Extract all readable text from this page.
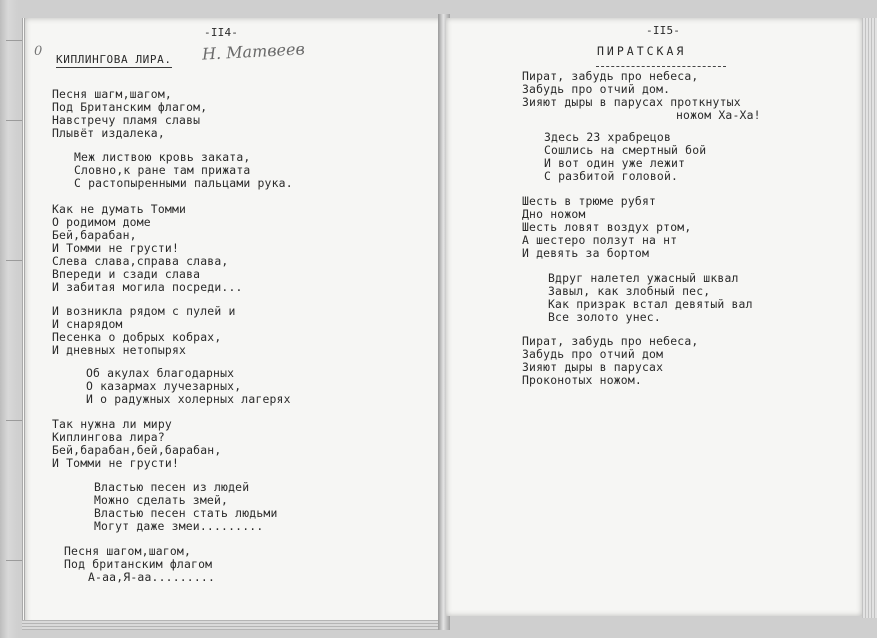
0
-II4-
КИПЛИНГОВА ЛИРА. Н. Матвеев
Песня шагм,шагом,
Под Британским флагом,
Навстречу пламя славы
Плывёт издалека,
Меж листвою кровь заката,
Словно,к ране там прижата
С растопыренными пальцами рука.
Как не думать Томми
О родимом доме
Бей,барабан,
И Томми не грусти!
Слева слава,справа слава,
Впереди и сзади слава
И забитая могила посреди...
И возникла рядом с пулей и
И снарядом
Песенка о добрых кобрах,
И дневных нетопырях
Об акулах благодарных
О казармах лучезарных,
И о радужных холерных лагерях
Так нужна ли миру
Киплингова лира?
Бей,барабан,бей,барабан,
И Томми не грусти!
Властью песен из людей
Можно сделать змей,
Властью песен стать людьми
Могут даже змеи.........
Песня шагом,шагом,
Под британским флагом
А-аа,Я-аа.........
-II5-
ПИРАТСКАЯ
Пират, забудь про небеса,
Забудь про отчий дом.
Зияют дыры в парусах проткнутых
ножом Ха-Ха!
Здесь 23 храбрецов
Сошлись на смертный бой
И вот один уже лежит
С разбитой головой.
Шесть в трюме рубят
Дно ножом
Шесть ловят воздух ртом,
А шестеро ползут на нт
И девять за бортом
Вдруг налетел ужасный шквал
Завыл, как злобный пес,
Как призрак встал девятый вал
Все золото унес.
Пират, забудь про небеса,
Забудь про отчий дом
Зияют дыры в парусах
Проконотых ножом.
